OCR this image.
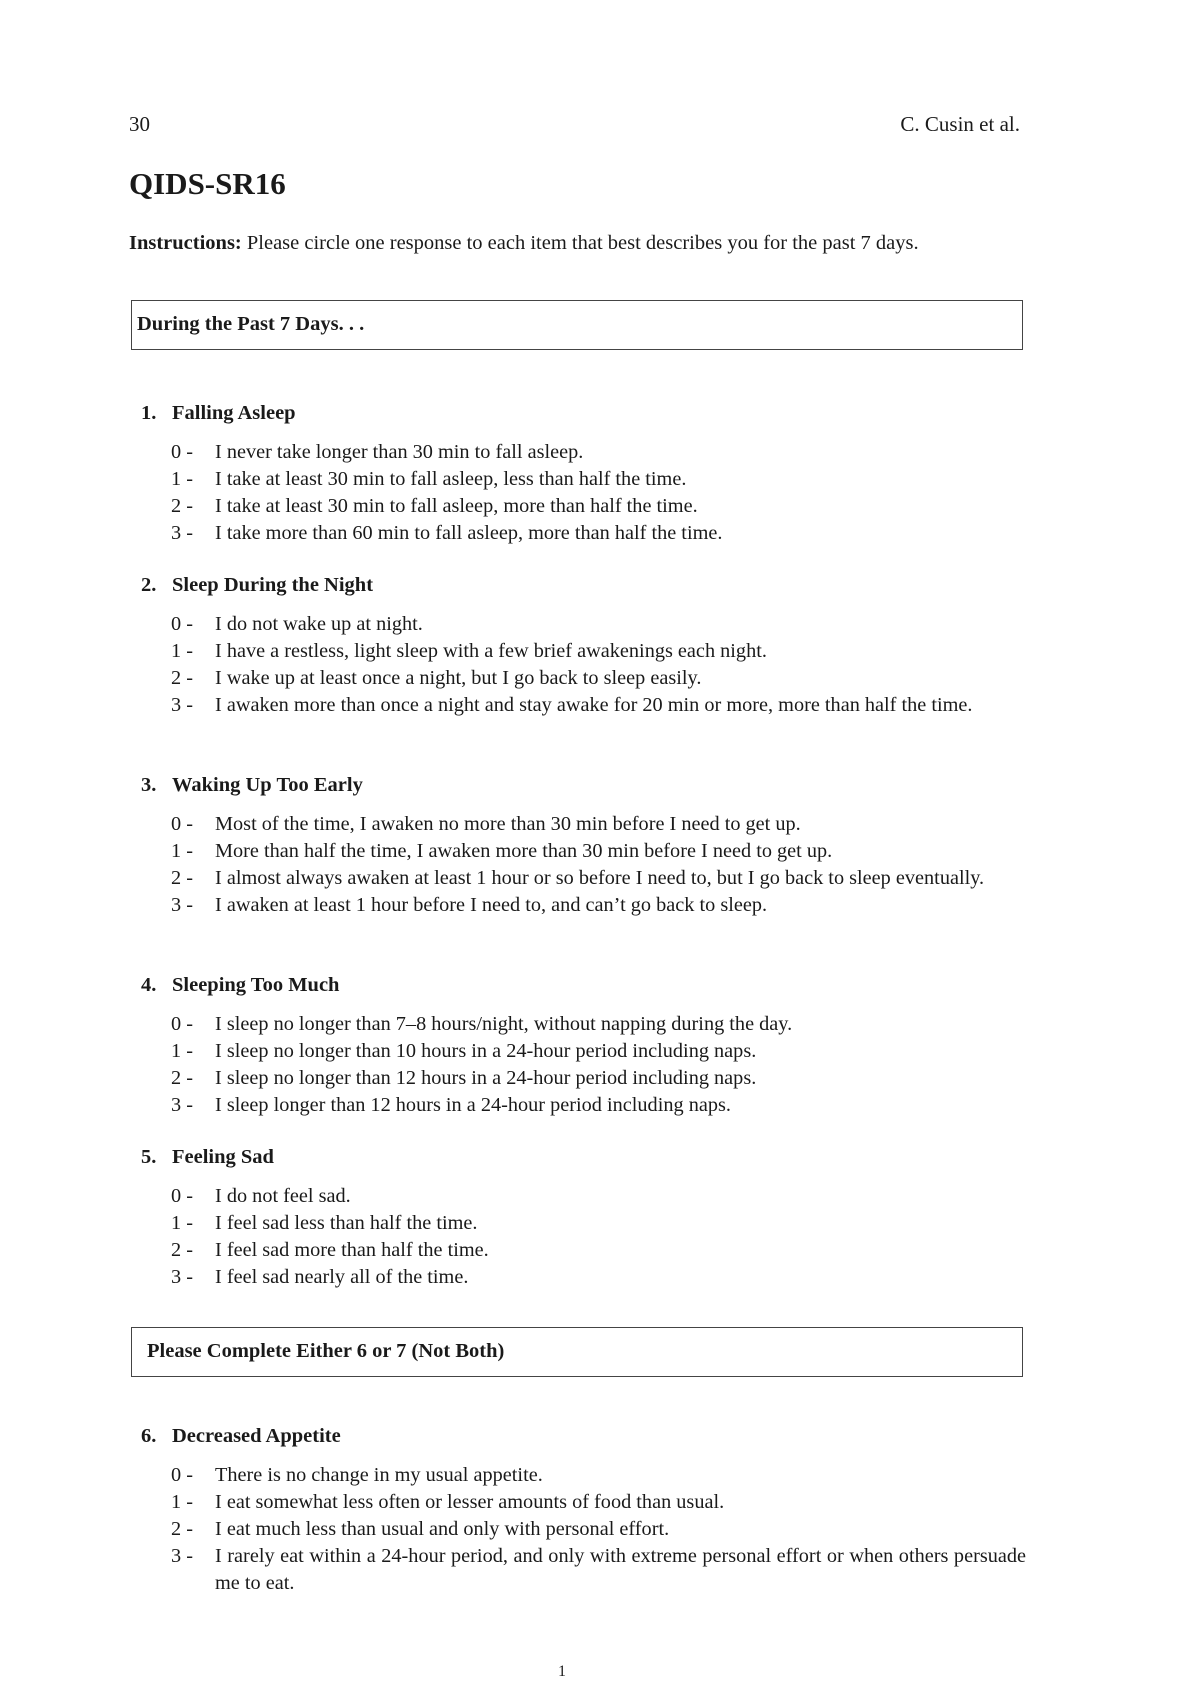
30	C. Cusin et al.
QIDS-SR16
Instructions: Please circle one response to each item that best describes you for the past 7 days.
During the Past 7 Days. . .
1. Falling Asleep
0 -	I never take longer than 30 min to fall asleep.
1 -	I take at least 30 min to fall asleep, less than half the time.
2 -	I take at least 30 min to fall asleep, more than half the time.
3 -	I take more than 60 min to fall asleep, more than half the time.
2. Sleep During the Night
0 -	I do not wake up at night.
1 -	I have a restless, light sleep with a few brief awakenings each night.
2 -	I wake up at least once a night, but I go back to sleep easily.
3 -	I awaken more than once a night and stay awake for 20 min or more, more than half the time.
3. Waking Up Too Early
0 -	Most of the time, I awaken no more than 30 min before I need to get up.
1 -	More than half the time, I awaken more than 30 min before I need to get up.
2 -	I almost always awaken at least 1 hour or so before I need to, but I go back to sleep eventually.
3 -	I awaken at least 1 hour before I need to, and can’t go back to sleep.
4. Sleeping Too Much
0 -	I sleep no longer than 7–8 hours/night, without napping during the day.
1 -	I sleep no longer than 10 hours in a 24-hour period including naps.
2 -	I sleep no longer than 12 hours in a 24-hour period including naps.
3 -	I sleep longer than 12 hours in a 24-hour period including naps.
5. Feeling Sad
0 -	I do not feel sad.
1 -	I feel sad less than half the time.
2 -	I feel sad more than half the time.
3 -	I feel sad nearly all of the time.
Please Complete Either 6 or 7 (Not Both)
6. Decreased Appetite
0 -	There is no change in my usual appetite.
1 -	I eat somewhat less often or lesser amounts of food than usual.
2 -	I eat much less than usual and only with personal effort.
3 -	I rarely eat within a 24-hour period, and only with extreme personal effort or when others persuade me to eat.
1
